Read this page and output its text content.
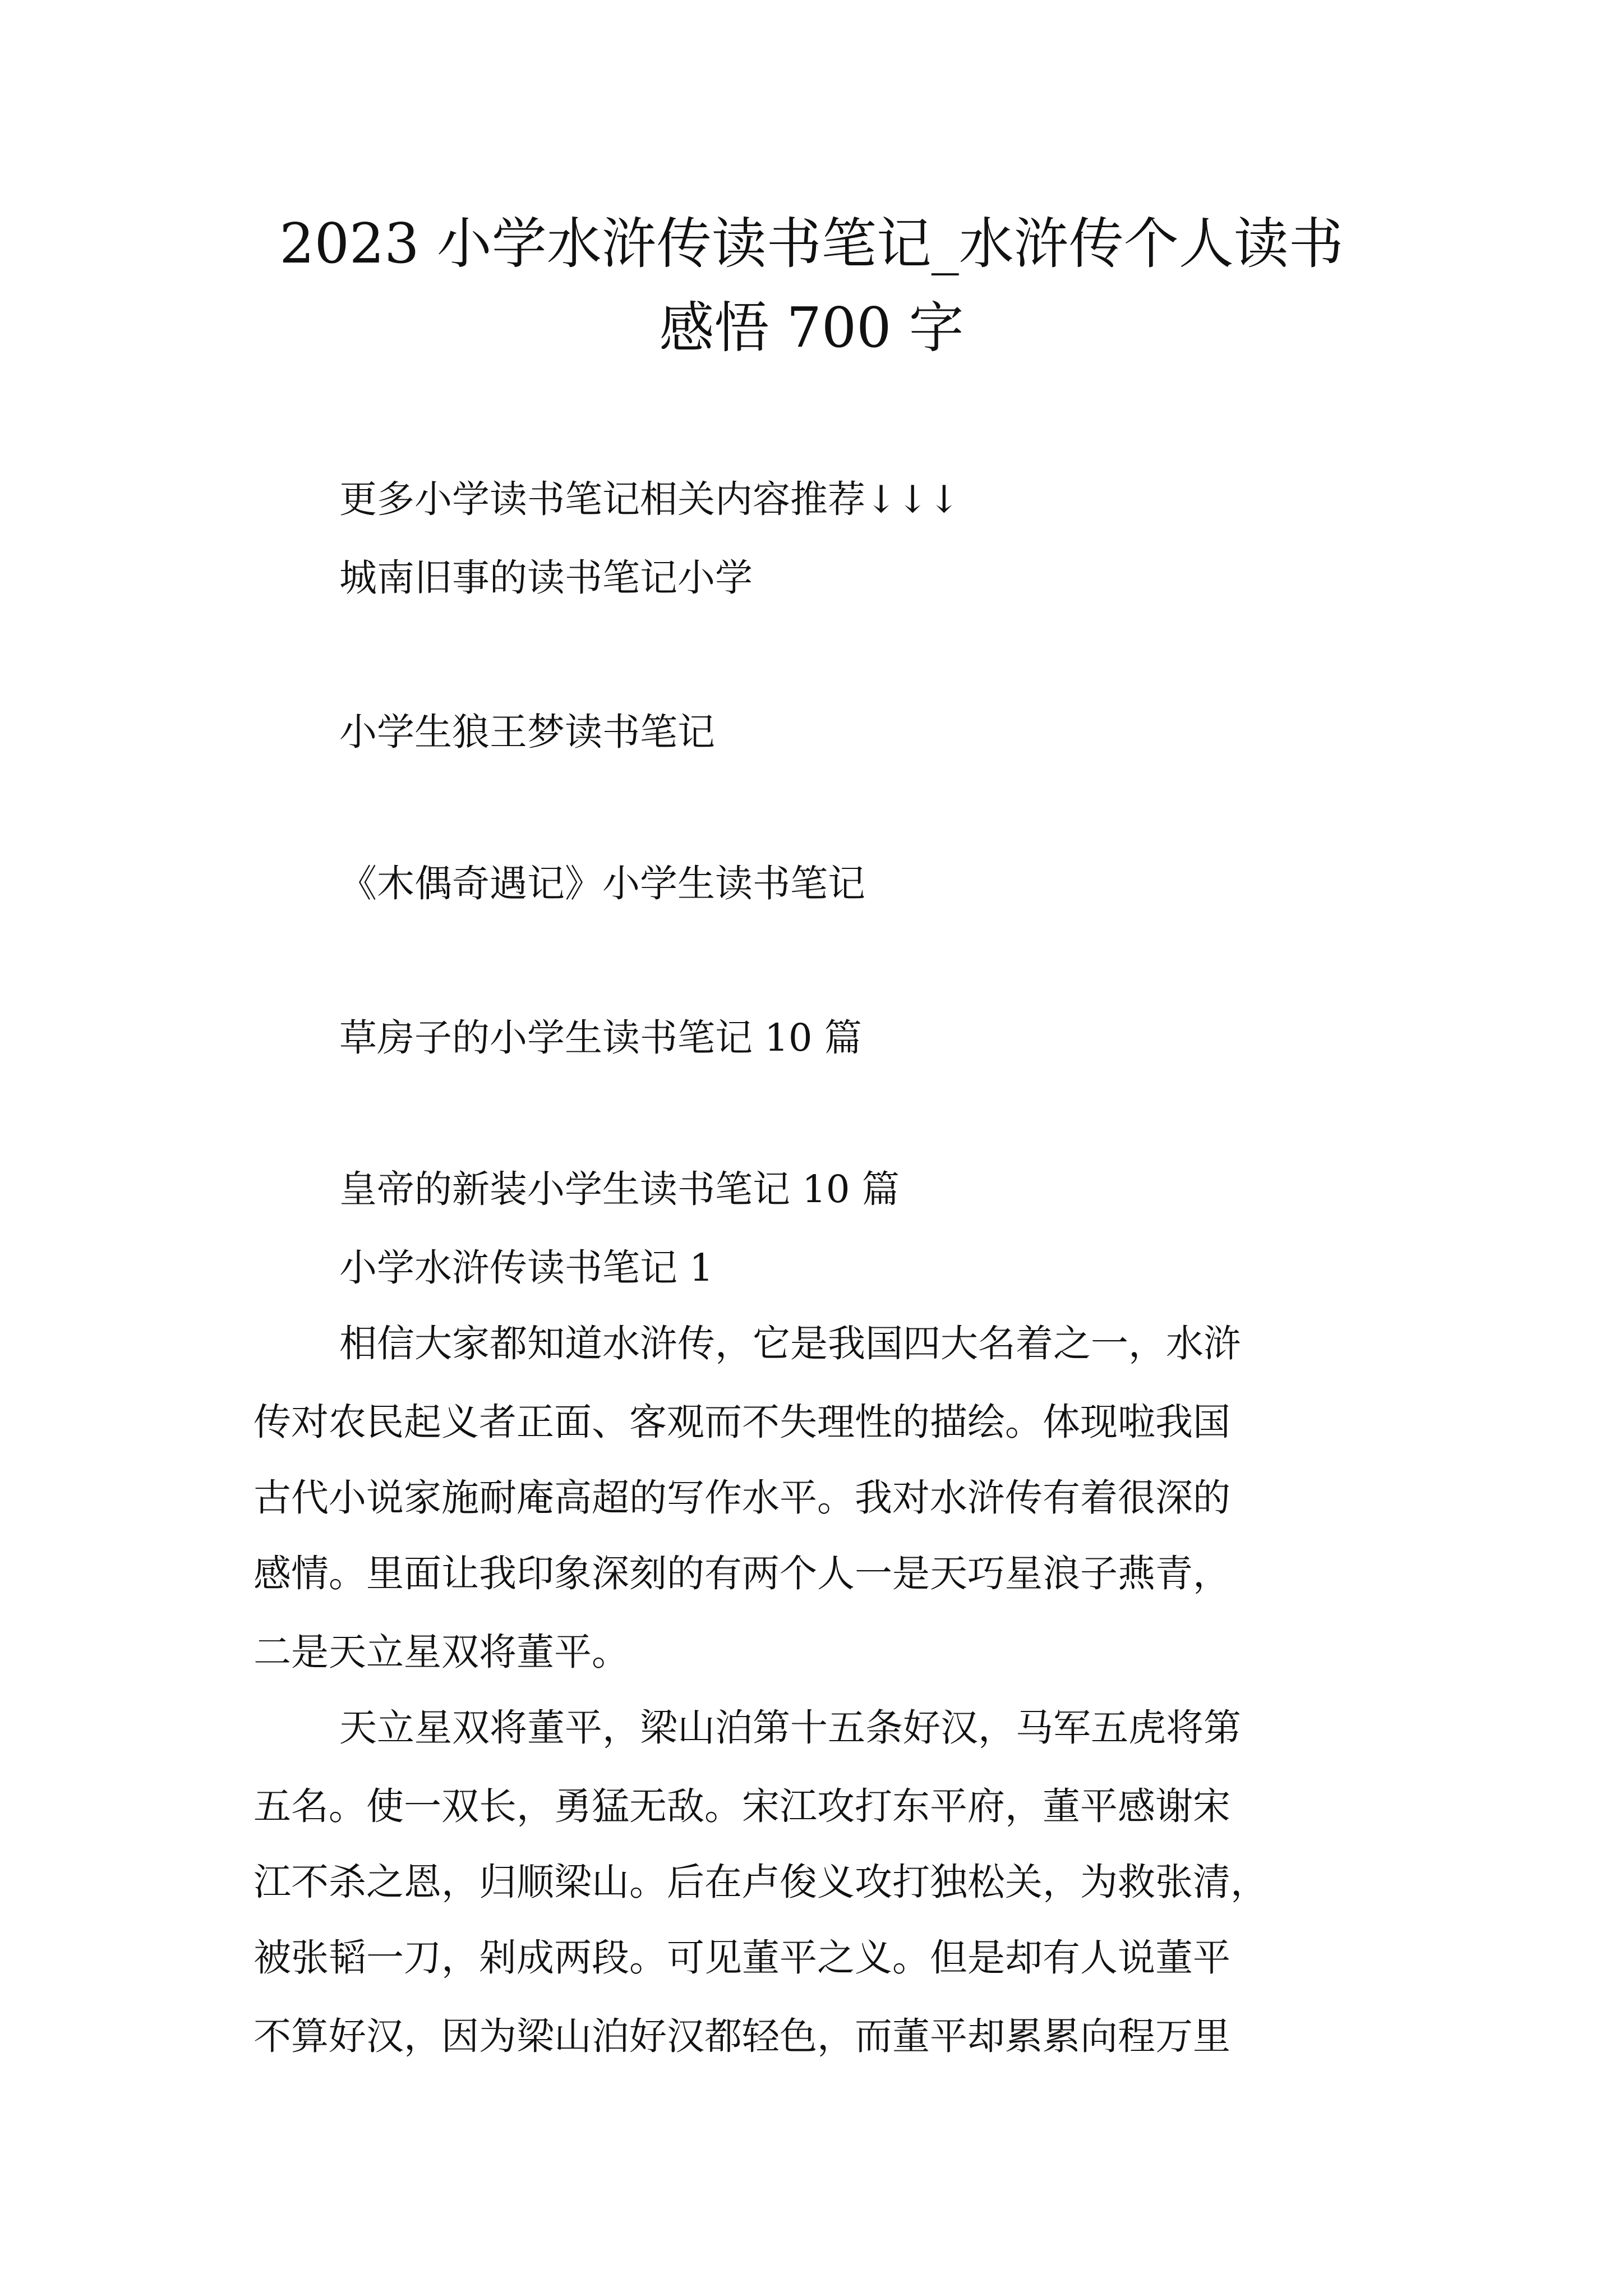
2023 小学水浒传读书笔记_水浒传个人读书
感悟 700 字
更多小学读书笔记相关内容推荐↓↓↓
城南旧事的读书笔记小学
小学生狼王梦读书笔记
《木偶奇遇记》小学生读书笔记
草房子的小学生读书笔记 10 篇
皇帝的新装小学生读书笔记 10 篇
小学水浒传读书笔记 1
相信大家都知道水浒传，它是我国四大名着之一，水浒
传对农民起义者正面、客观而不失理性的描绘。体现啦我国
古代小说家施耐庵高超的写作水平。我对水浒传有着很深的
感情。里面让我印象深刻的有两个人一是天巧星浪子燕青，
二是天立星双将董平。
天立星双将董平，梁山泊第十五条好汉，马军五虎将第
五名。使一双长，勇猛无敌。宋江攻打东平府，董平感谢宋
江不杀之恩，归顺梁山。后在卢俊义攻打独松关，为救张清，
被张韬一刀，剁成两段。可见董平之义。但是却有人说董平
不算好汉，因为梁山泊好汉都轻色，而董平却累累向程万里
